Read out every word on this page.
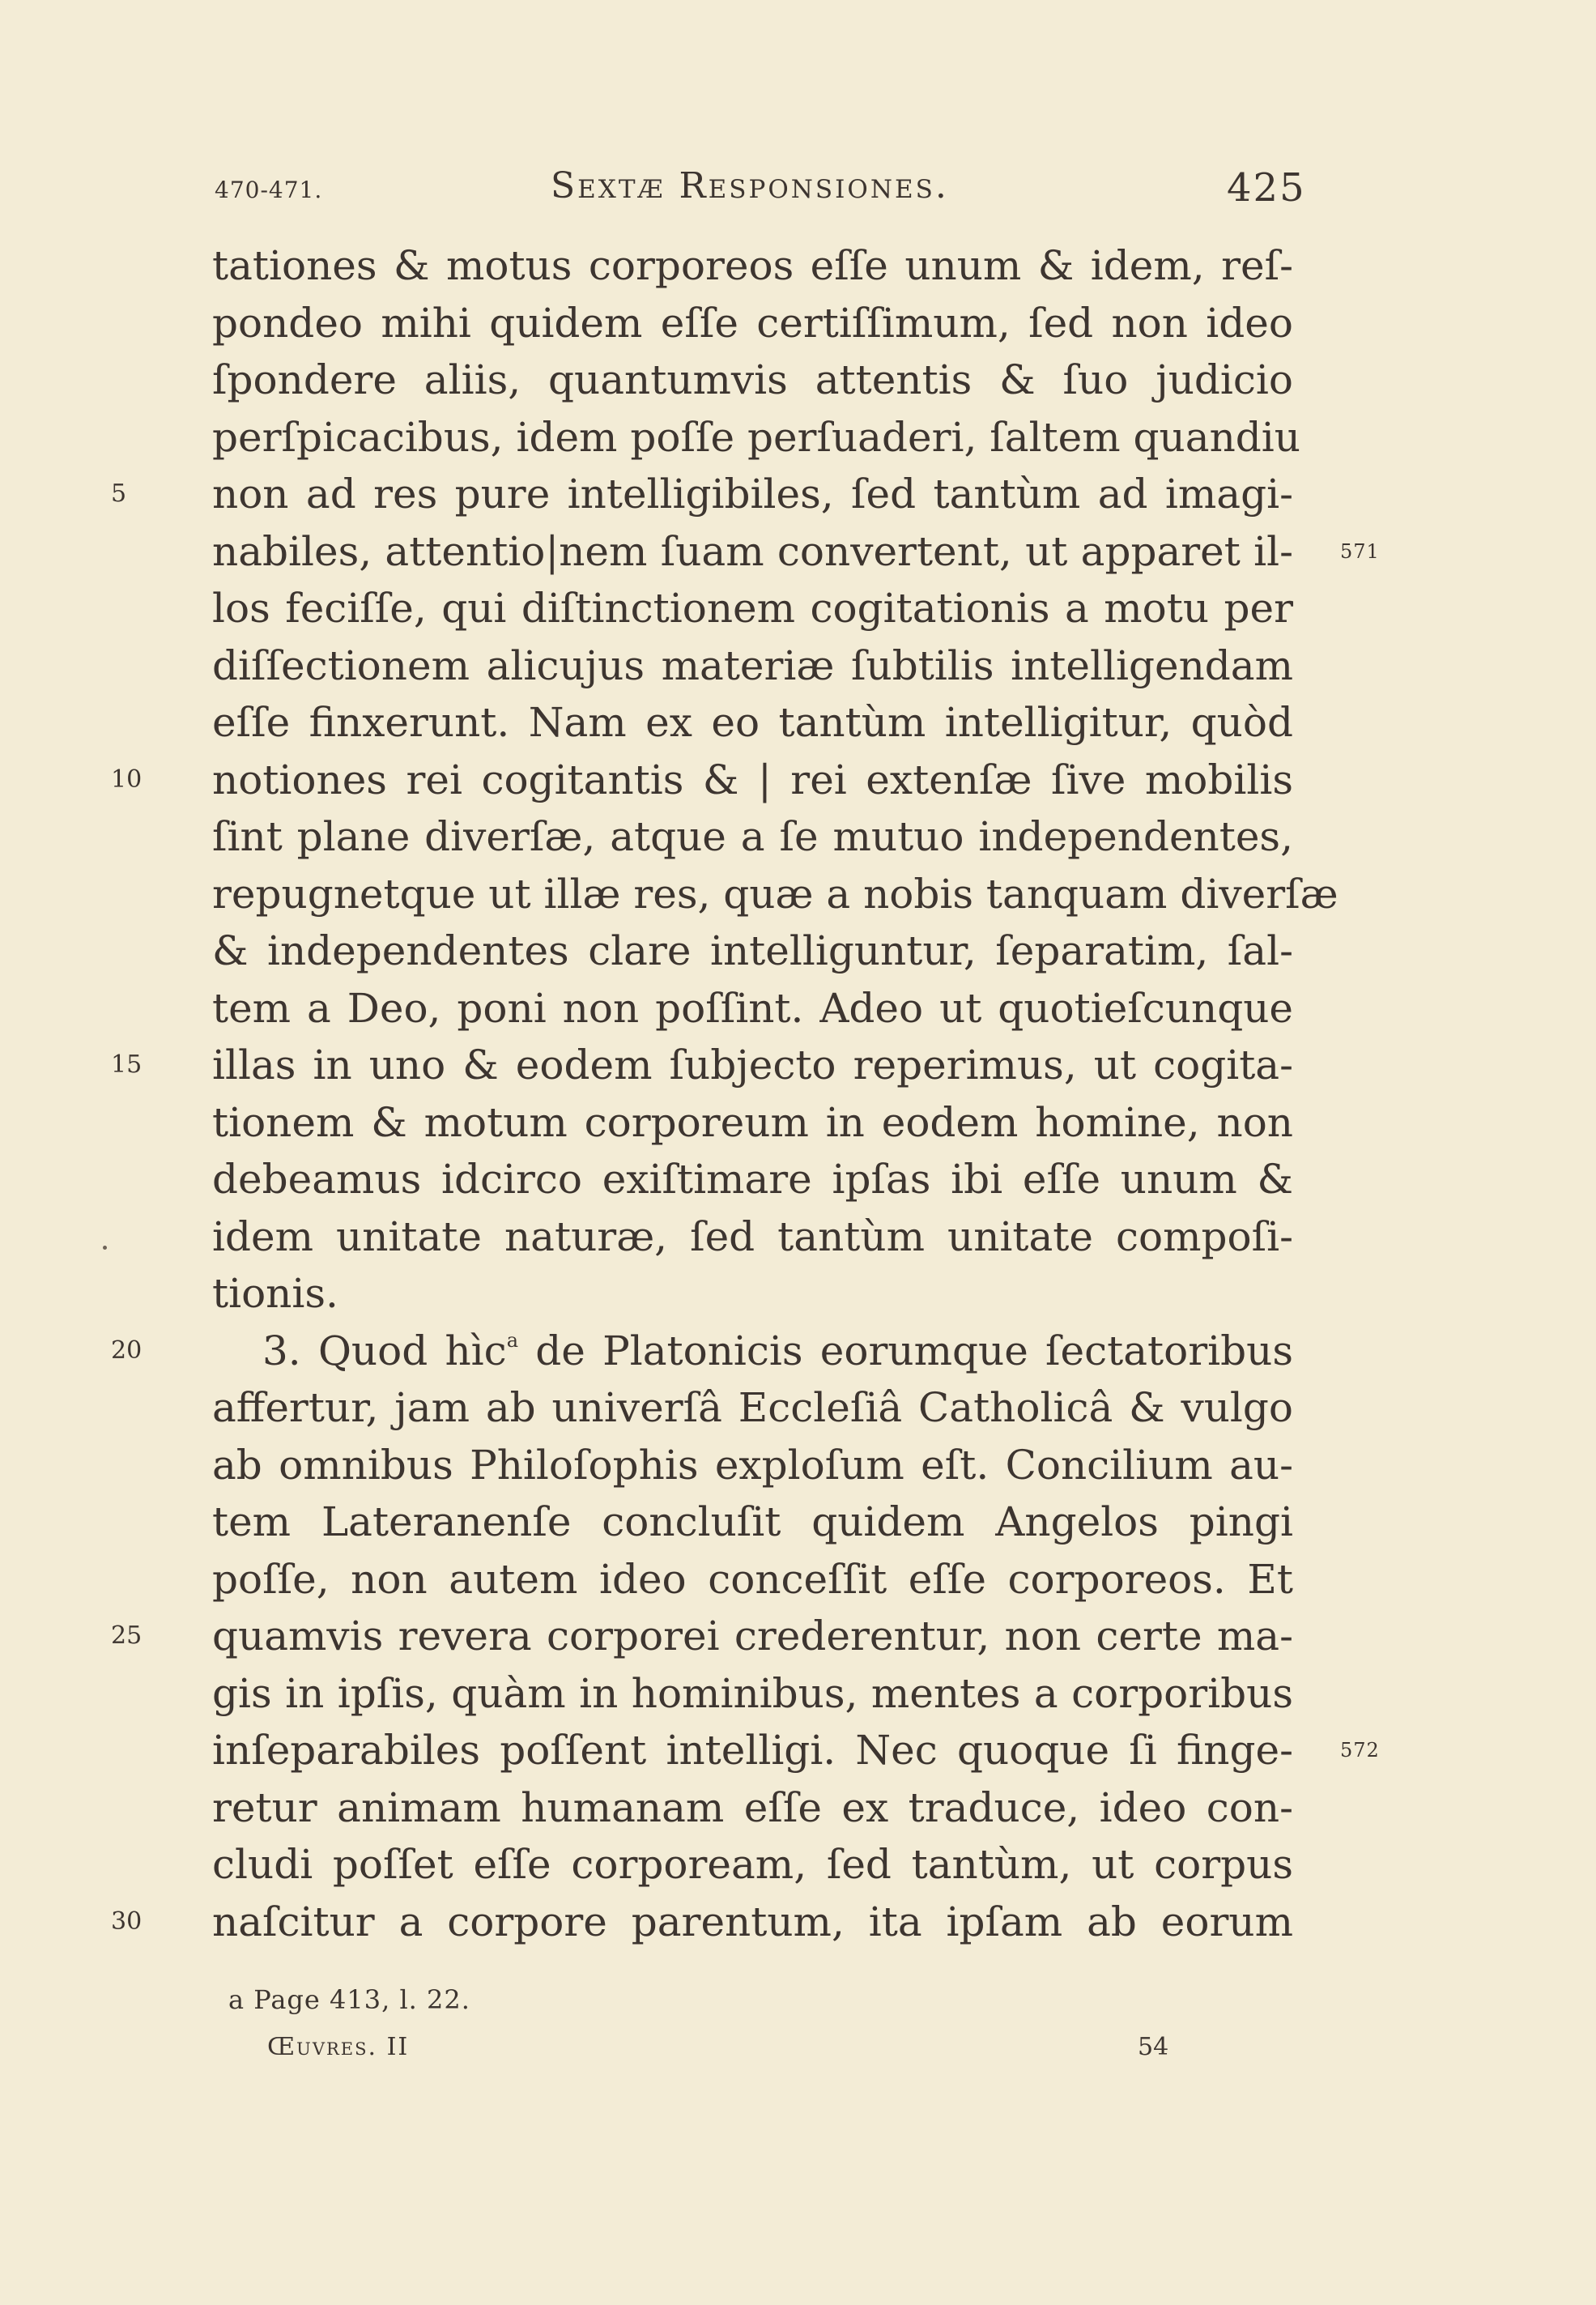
470-471.	Sextæ Responsiones.	425
tationes & motus corporeos eſſe unum & idem, reſ-
pondeo mihi quidem eſſe certiſſimum, ſed non ideo
ſpondere aliis, quantumvis attentis & ſuo judicio
perſpicacibus, idem poſſe perſuaderi, ſaltem quandiu
non ad res pure intelligibiles, ſed tantùm ad imagi-
5
nabiles, attentio|nem ſuam convertent, ut apparet il- 571
los feciſſe, qui diſtinctionem cogitationis a motu per
diſſectionem alicujus materiæ ſubtilis intelligendam
eſſe finxerunt. Nam ex eo tantùm intelligitur, quòd
notiones rei cogitantis & | rei extenſæ ſive mobilis
10
ſint plane diverſæ, atque a ſe mutuo independentes,
repugnetque ut illæ res, quæ a nobis tanquam diverſæ
& independentes clare intelliguntur, ſeparatim, ſal-
tem a Deo, poni non poſſint. Adeo ut quotieſcunque
illas in uno & eodem ſubjecto reperimus, ut cogita-
15
tionem & motum corporeum in eodem homine, non
debeamus idcirco exiſtimare ipſas ibi eſſe unum &
idem unitate naturæ, ſed tantùm unitate compoſi-
tionis.
3. Quod hìc$^a$ de Platonicis eorumque ſectatoribus
20
affertur, jam ab univerſâ Eccleſiâ Catholicâ & vulgo
ab omnibus Philoſophis exploſum eſt. Concilium au-
tem Lateranenſe concluſit quidem Angelos pingi
poſſe, non autem ideo conceſſit eſſe corporeos. Et
quamvis revera corporei crederentur, non certe ma-
25
gis in ipſis, quàm in hominibus, mentes a corporibus
inſeparabiles poſſent intelligi. Nec quoque ſi finge- 572
retur animam humanam eſſe ex traduce, ideo con-
cludi poſſet eſſe corpoream, ſed tantùm, ut corpus
naſcitur a corpore parentum, ita ipſam ab eorum
30
a Page 413, l. 22.
Œuvres. II	54
